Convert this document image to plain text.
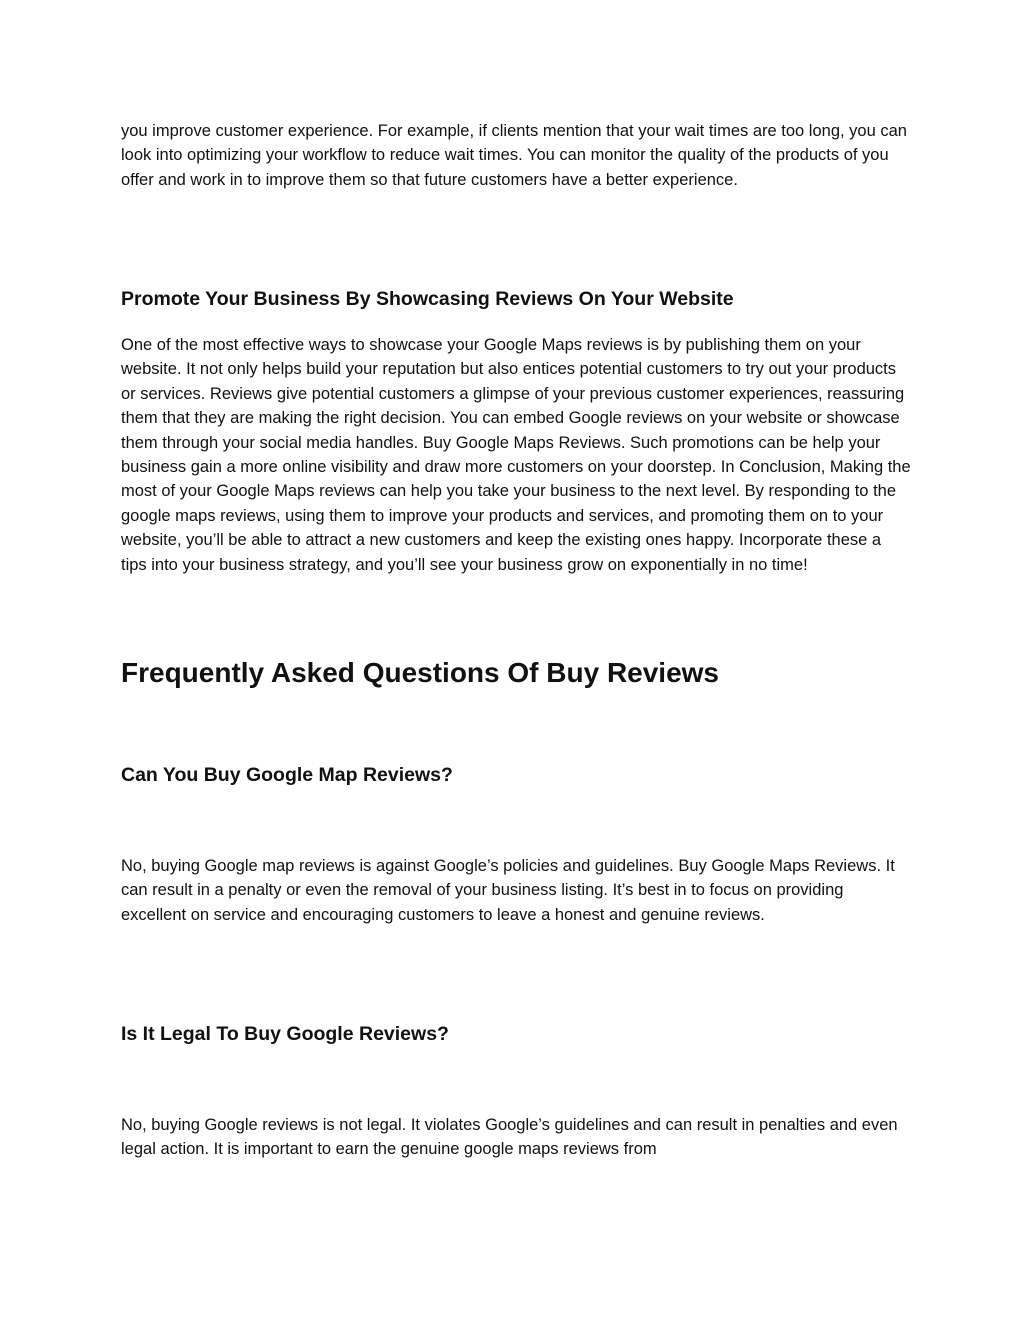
you improve customer experience. For example, if clients mention that your wait times are too long, you can look into optimizing your workflow to reduce wait times. You can monitor the quality of the products of you offer and work in to improve them so that future customers have a better experience.

Promote Your Business By Showcasing Reviews On Your Website

One of the most effective ways to showcase your Google Maps reviews is by publishing them on your website. It not only helps build your reputation but also entices potential customers to try out your products or services. Reviews give potential customers a glimpse of your previous customer experiences, reassuring them that they are making the right decision. You can embed Google reviews on your website or showcase them through your social media handles. Buy Google Maps Reviews. Such promotions can be help your business gain a more online visibility and draw more customers on your doorstep. In Conclusion, Making the most of your Google Maps reviews can help you take your business to the next level. By responding to the google maps reviews, using them to improve your products and services, and promoting them on to your website, you’ll be able to attract a new customers and keep the existing ones happy. Incorporate these a tips into your business strategy, and you’ll see your business grow on exponentially in no time!

Frequently Asked Questions Of Buy Reviews
Can You Buy Google Map Reviews?

No, buying Google map reviews is against Google’s policies and guidelines. Buy Google Maps Reviews. It can result in a penalty or even the removal of your business listing. It’s best in to focus on providing excellent on service and encouraging customers to leave a honest and genuine reviews.

Is It Legal To Buy Google Reviews?

No, buying Google reviews is not legal. It violates Google’s guidelines and can result in penalties and even legal action. It is important to earn the genuine google maps reviews from
